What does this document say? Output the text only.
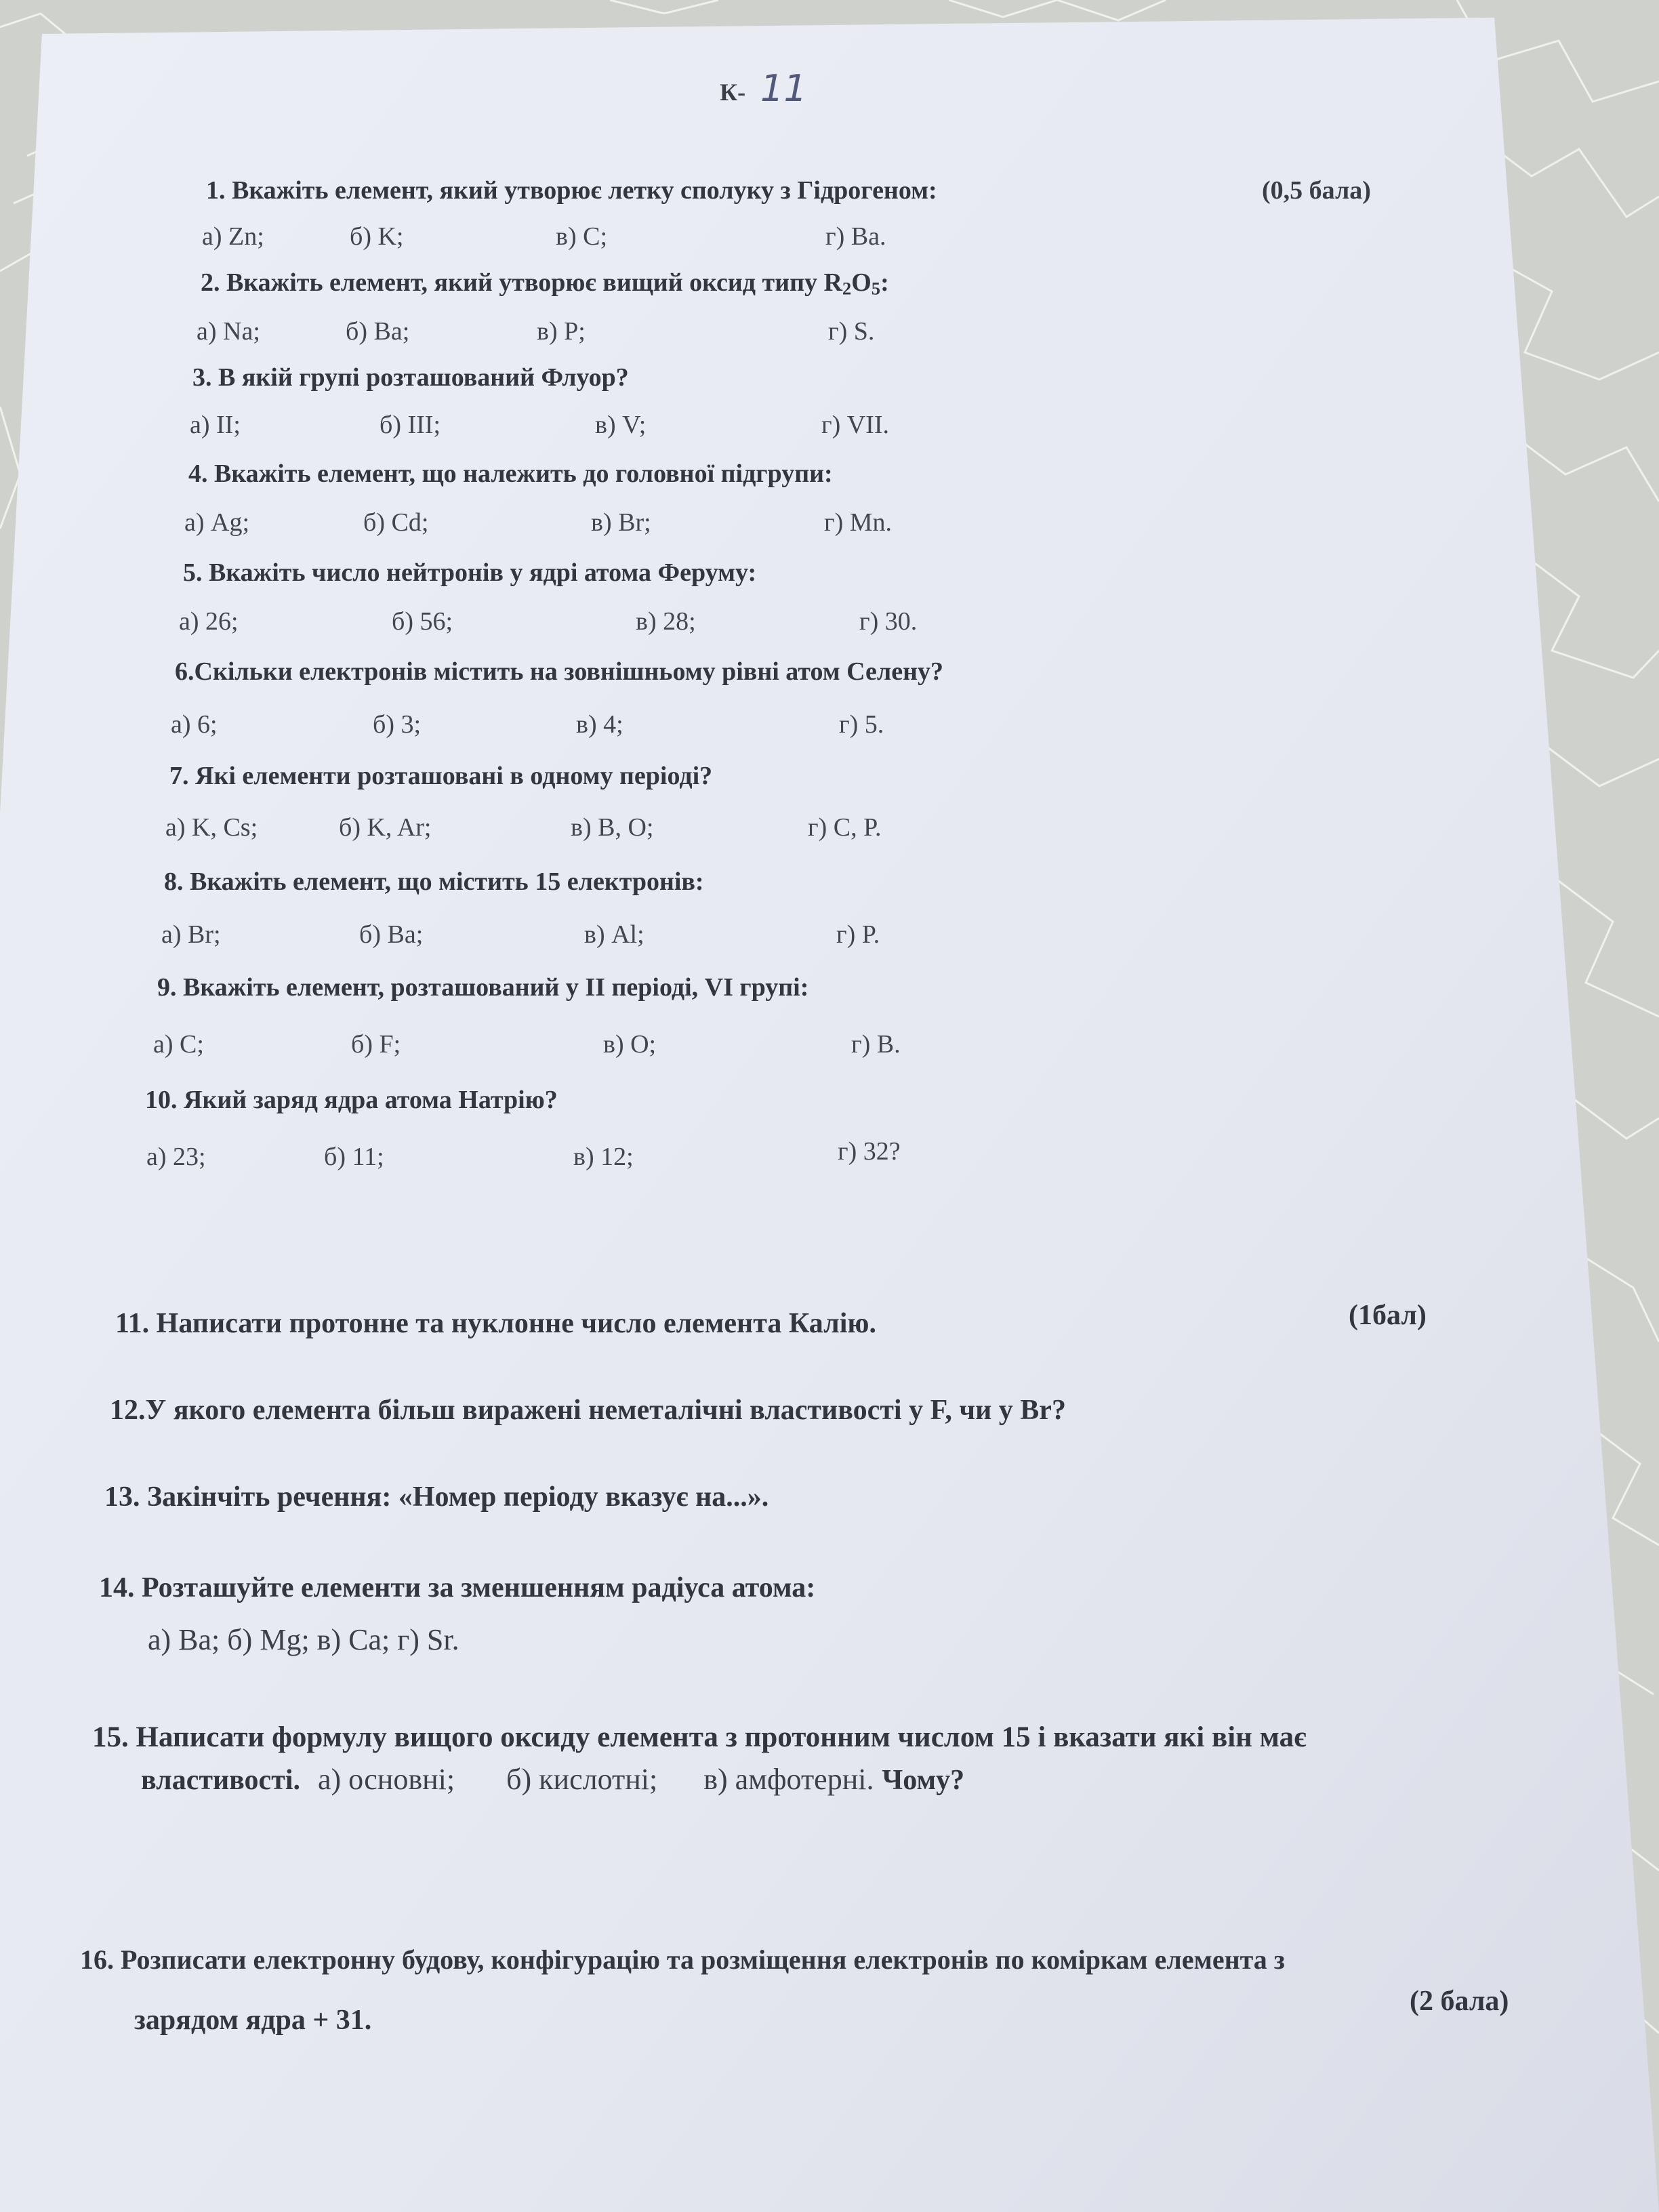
К- 11
1. Вкажіть елемент, який утворює летку сполуку з Гідрогеном:	(0,5 бала)
а) Zn;	б) K;	в) C;	г) Ba.
2. Вкажіть елемент, який утворює вищий оксид типу $R_2O_5$:
а) Na;	б) Ba;	в) P;	г) S.
3. В якій групі розташований Флуор?
а) II;	б) III;	в) V;	г) VII.
4. Вкажіть елемент, що належить до головної підгрупи:
а) Ag;	б) Cd;	в) Br;	г) Mn.
5. Вкажіть число нейтронів у ядрі атома Феруму:
а) 26;	б) 56;	в) 28;	г) 30.
6.Скільки електронів містить на зовнішньому рівні атом Селену?
а) 6;	б) 3;	в) 4;	г) 5.
7. Які елементи розташовані в одному періоді?
а) K, Cs;	б) K, Ar;	в) B, O;	г) C, P.
8. Вкажіть елемент, що містить 15 електронів:
а) Br;	б) Ba;	в) Al;	г) P.
9. Вкажіть елемент, розташований у II періоді, VI групі:
а) C;	б) F;	в) O;	г) B.
10. Який заряд ядра атома Натрію?
а) 23;	б) 11;	в) 12;	г) 32?
11. Написати протонне та нуклонне число елемента Калію.	(1бал)
12.У якого елемента більш виражені неметалічні властивості у F, чи у Br?
13. Закінчіть речення: «Номер періоду вказує на...».
14. Розташуйте елементи за зменшенням радіуса атома:
а) Ba; б) Mg; в) Ca; г) Sr.
15. Написати формулу вищого оксиду елемента з протонним числом 15 і вказати які він має
властивості. а) основні; б) кислотні; в) амфотерні. Чому?
16. Розписати електронну будову, конфігурацію та розміщення електронів по коміркам елемента з
(2 бала)
зарядом ядра + 31.
